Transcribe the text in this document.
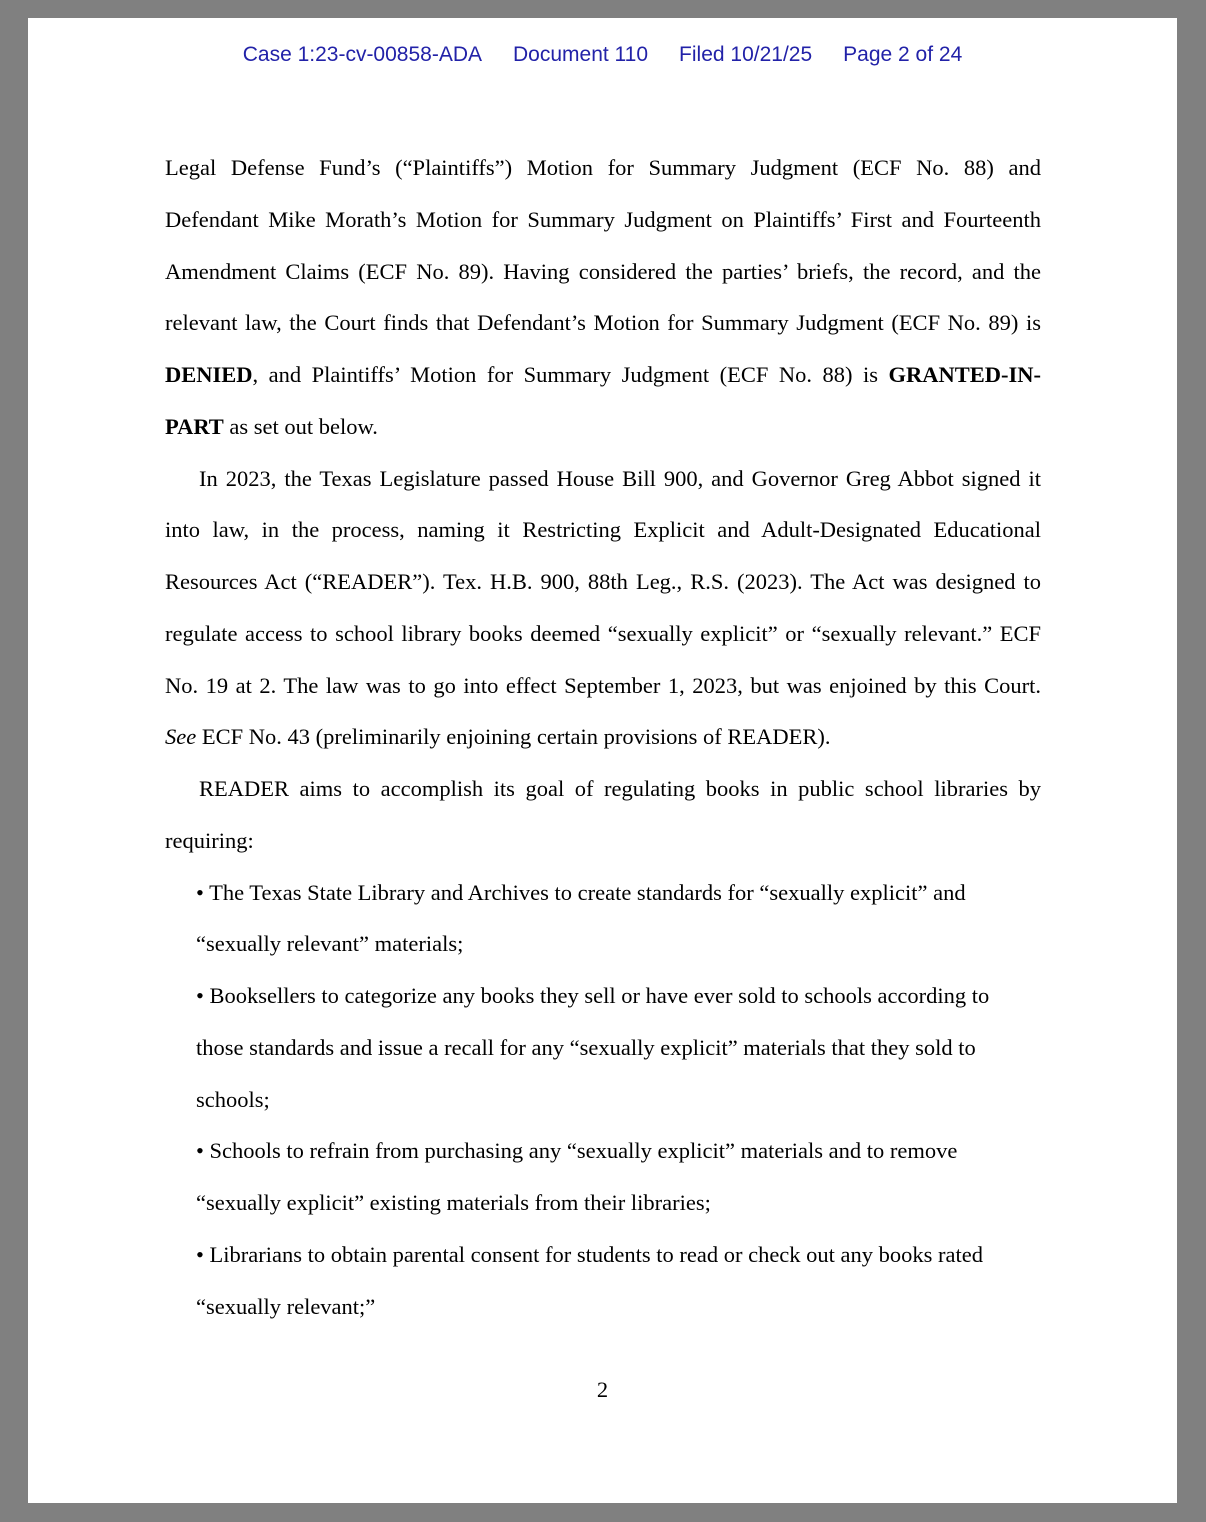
Case 1:23-cv-00858-ADA Document 110 Filed 10/21/25 Page 2 of 24

Legal Defense Fund’s (“Plaintiffs”) Motion for Summary Judgment (ECF No. 88) and Defendant Mike Morath’s Motion for Summary Judgment on Plaintiffs’ First and Fourteenth Amendment Claims (ECF No. 89). Having considered the parties’ briefs, the record, and the relevant law, the Court finds that Defendant’s Motion for Summary Judgment (ECF No. 89) is DENIED, and Plaintiffs’ Motion for Summary Judgment (ECF No. 88) is GRANTED-IN-PART as set out below.

In 2023, the Texas Legislature passed House Bill 900, and Governor Greg Abbot signed it into law, in the process, naming it Restricting Explicit and Adult-Designated Educational Resources Act (“READER”). Tex. H.B. 900, 88th Leg., R.S. (2023). The Act was designed to regulate access to school library books deemed “sexually explicit” or “sexually relevant.” ECF No. 19 at 2. The law was to go into effect September 1, 2023, but was enjoined by this Court. See ECF No. 43 (preliminarily enjoining certain provisions of READER).

READER aims to accomplish its goal of regulating books in public school libraries by requiring:

• The Texas State Library and Archives to create standards for “sexually explicit” and “sexually relevant” materials;

• Booksellers to categorize any books they sell or have ever sold to schools according to those standards and issue a recall for any “sexually explicit” materials that they sold to schools;

• Schools to refrain from purchasing any “sexually explicit” materials and to remove “sexually explicit” existing materials from their libraries;

• Librarians to obtain parental consent for students to read or check out any books rated “sexually relevant;”

2
